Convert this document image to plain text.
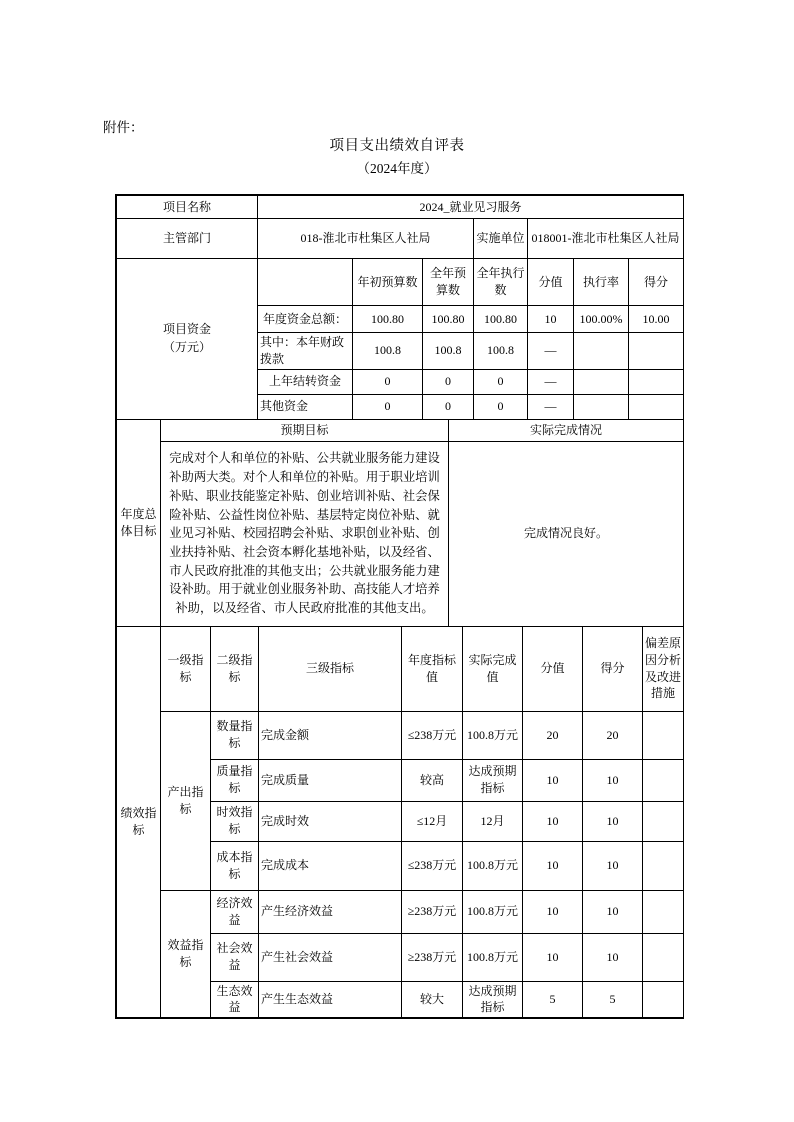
附件：
项目支出绩效自评表
（2024年度）
项目名称	2024_就业见习服务		
主管部门	018-淮北市杜集区人社局	实施单位	018001-淮北市杜集区人社局
项目资金
（万元）		年初预算数	全年预算数	全年执行数	分值	执行率	得分
	年度资金总额：	100.80	100.80	100.80	10	100.00%	10.00
	其中：本年财政拨款	100.8	100.8	100.8	—		
	上年结转资金	0	0	0	—		
	其他资金	0	0	0	—		
年度总体目标	预期目标	实际完成情况

	完成对个人和单位的补贴、公共就业服务能力建设补助两大类。对个人和单位的补贴。用于职业培训补贴、职业技能鉴定补贴、创业培训补贴、社会保险补贴、公益性岗位补贴、基层特定岗位补贴、就业见习补贴、校园招聘会补贴、求职创业补贴、创业扶持补贴、社会资本孵化基地补贴，以及经省、市人民政府批准的其他支出；公共就业服务能力建设补助。用于就业创业服务补助、高技能人才培养补助，以及经省、市人民政府批准的其他支出。	完成情况良好。
绩效指标	一级指标	二级指标	三级指标	年度指标值	实际完成值	分值	得分	偏差原因分析及改进措施
	产出指标	数量指标	完成金额	≤238万元	100.8万元	20	20	
		质量指标	完成质量	较高	达成预期指标	10	10	
		时效指标	完成时效	≤12月	12月	10	10	
		成本指标	完成成本	≤238万元	100.8万元	10	10	
	效益指标	经济效益	产生经济效益	≥238万元	100.8万元	10	10	
		社会效益	产生社会效益	≥238万元	100.8万元	10	10	
		生态效益	产生生态效益	较大	达成预期指标	5	5	
